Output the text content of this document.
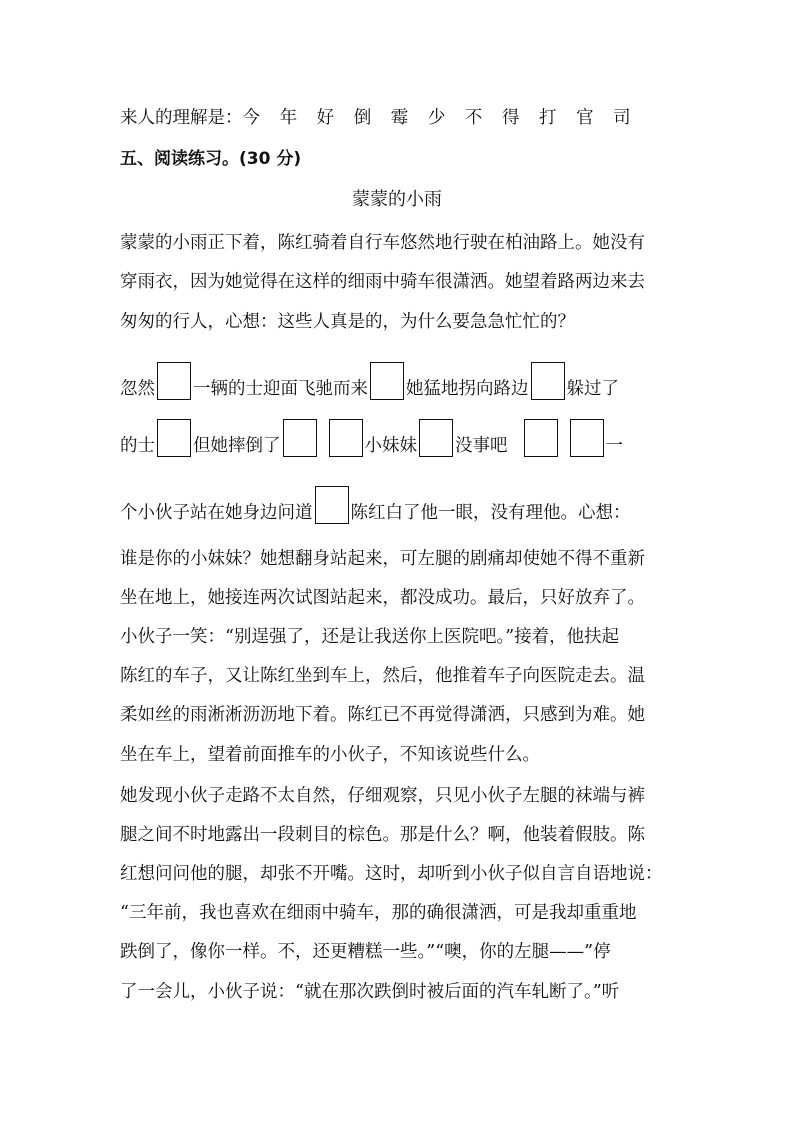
来人的理解是：今 年 好 倒 霉 少 不 得 打 官 司
五、阅读练习。(30 分)
蒙蒙的小雨
蒙蒙的小雨正下着，陈红骑着自行车悠然地行驶在柏油路上。她没有
穿雨衣，因为她觉得在这样的细雨中骑车很潇洒。她望着路两边来去
匆匆的行人，心想：这些人真是的，为什么要急急忙忙的？
忽然 一辆的士迎面飞驰而来 她猛地拐向路边 躲过了
的士 但她摔倒了	小妹妹 没事吧	一
个小伙子站在她身边问道 陈红白了他一眼，没有理他。心想：
谁是你的小妹妹？她想翻身站起来，可左腿的剧痛却使她不得不重新
坐在地上，她接连两次试图站起来，都没成功。最后，只好放弃了。
小伙子一笑：“别逞强了，还是让我送你上医院吧。”接着，他扶起
陈红的车子，又让陈红坐到车上，然后，他推着车子向医院走去。温
柔如丝的雨淅淅沥沥地下着。陈红已不再觉得潇洒，只感到为难。她
坐在车上，望着前面推车的小伙子，不知该说些什么。
她发现小伙子走路不太自然，仔细观察，只见小伙子左腿的袜端与裤
腿之间不时地露出一段刺目的棕色。那是什么？啊，他装着假肢。陈
红想问问他的腿，却张不开嘴。这时，却听到小伙子似自言自语地说：
“三年前，我也喜欢在细雨中骑车，那的确很潇洒，可是我却重重地
跌倒了，像你一样。不，还更糟糕一些。”“噢，你的左腿——”停
了一会儿，小伙子说：“就在那次跌倒时被后面的汽车轧断了。”听
